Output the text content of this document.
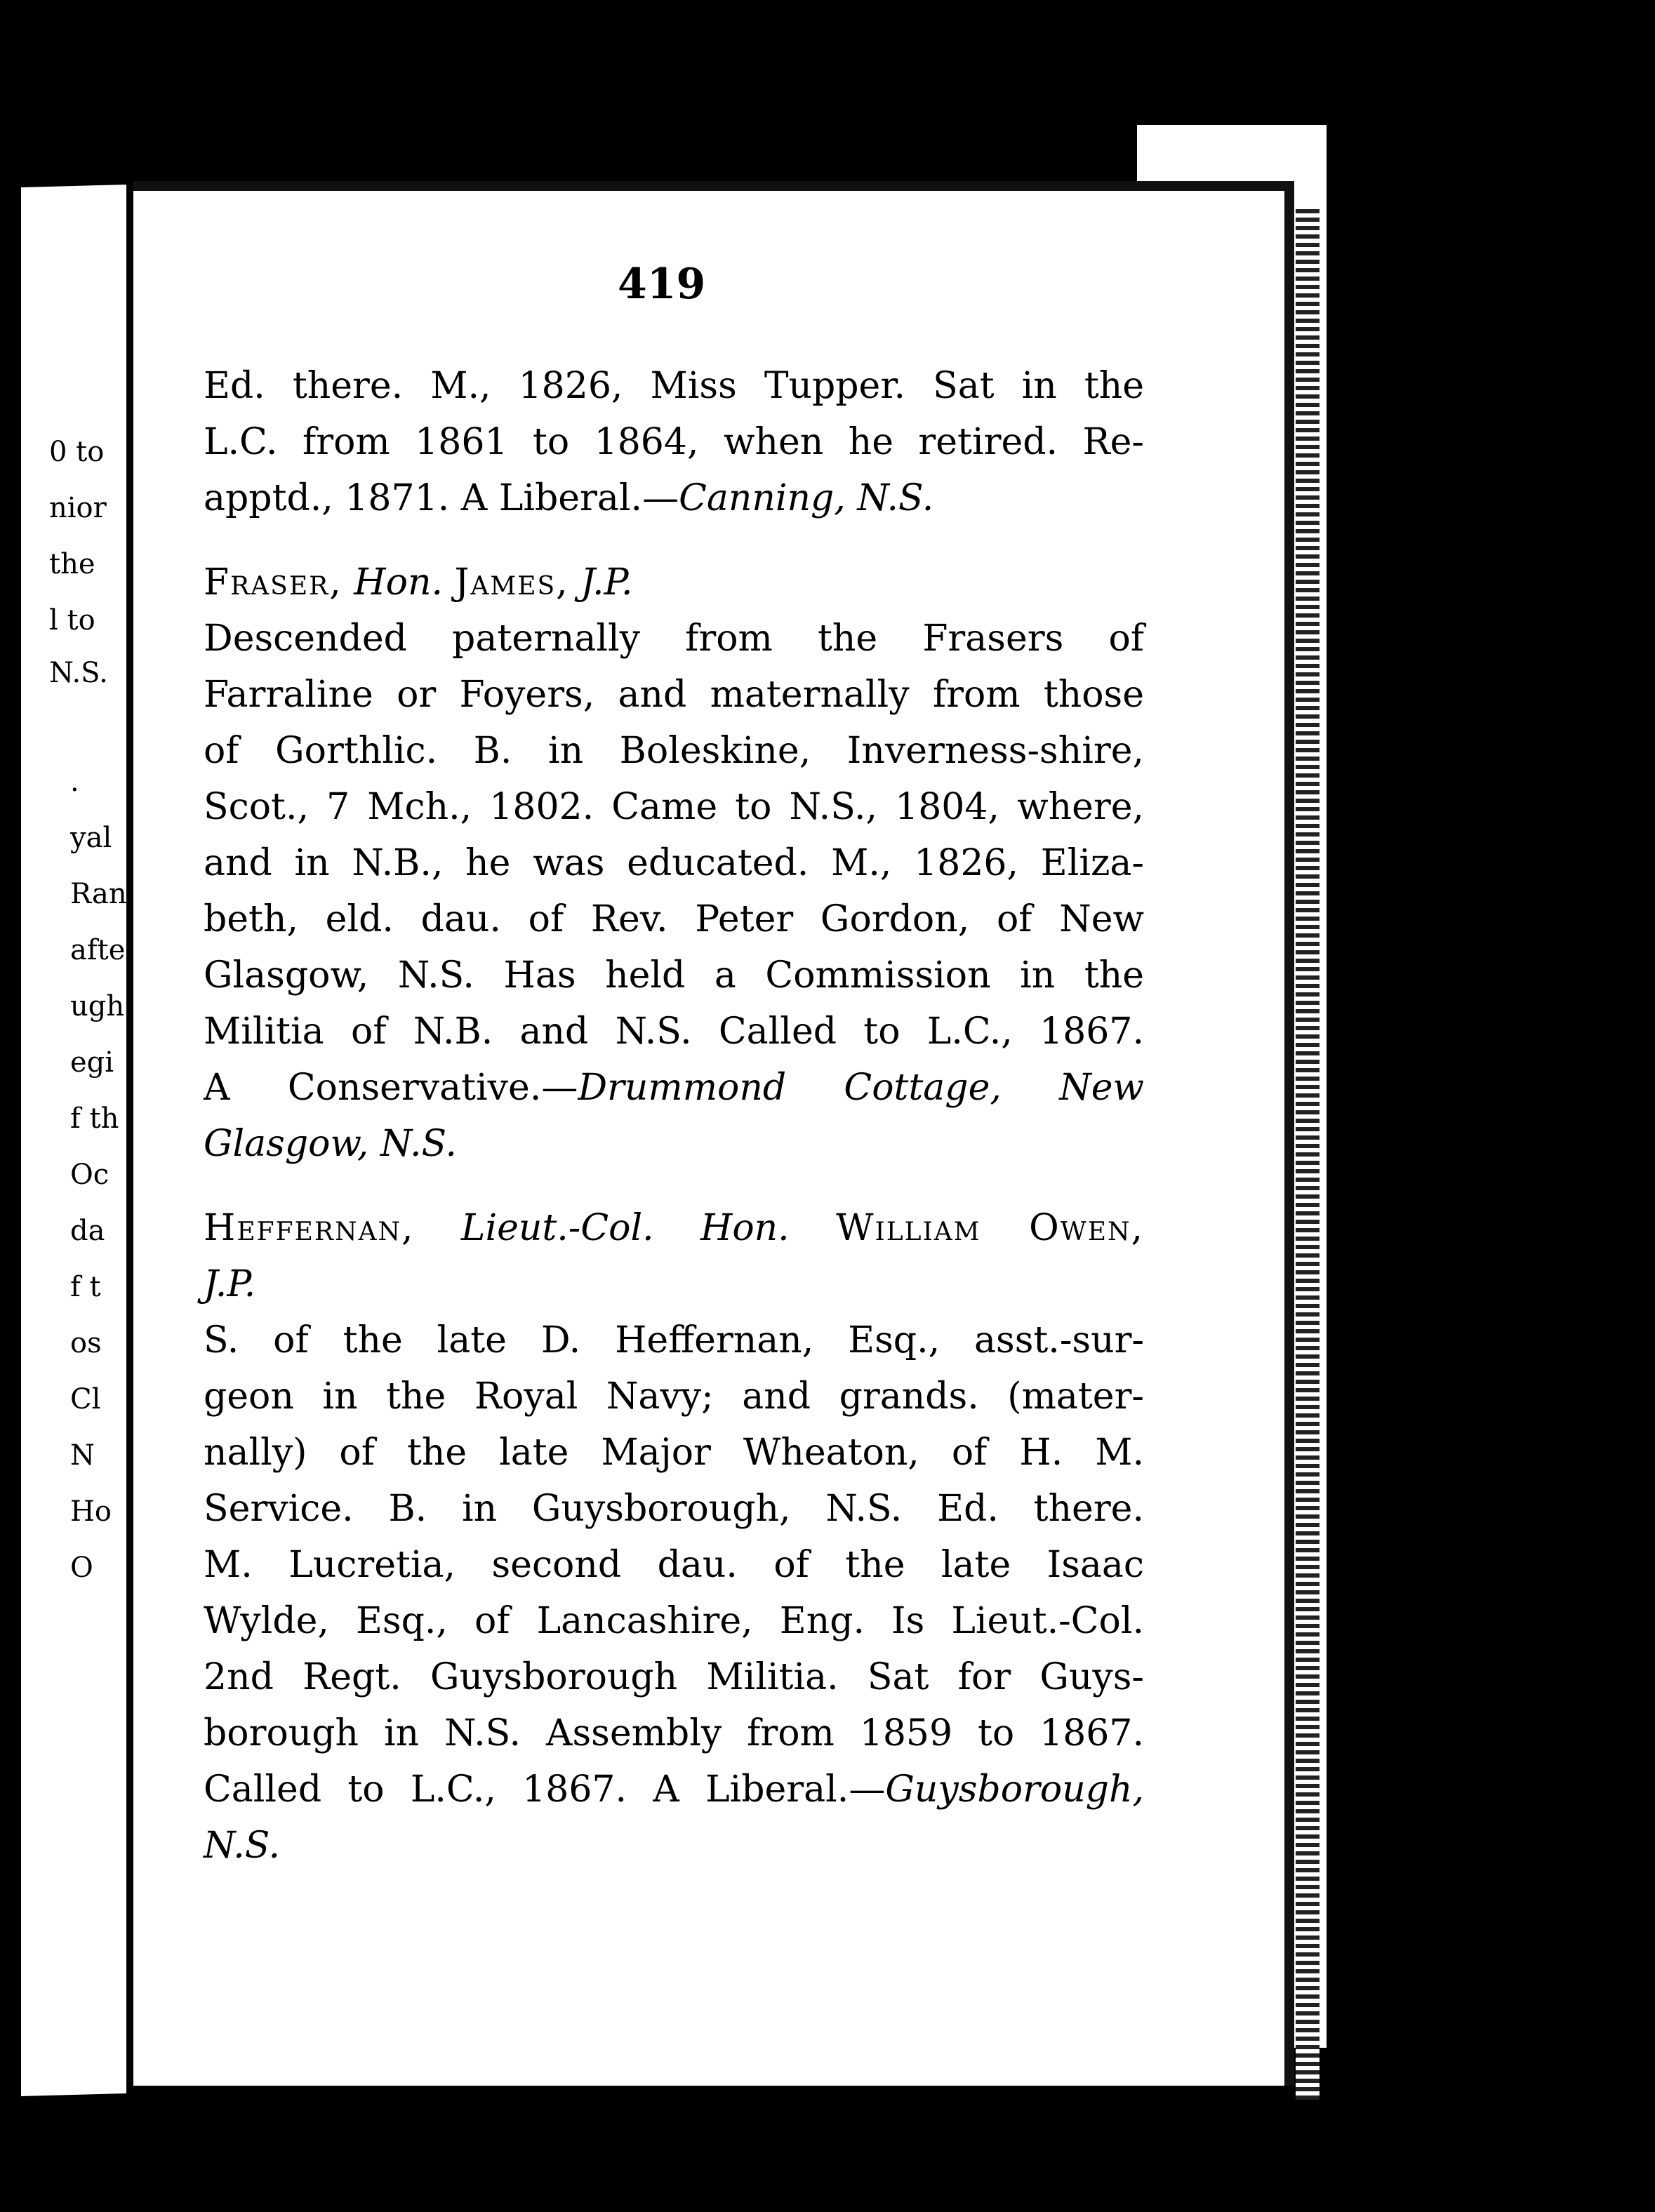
0 to
nior
the
l to
N.S.
.
yal
Ran
afte
ugh
egi
f th
Oc
da
f t
os
Cl
N
Ho
O
419
Ed. there. M., 1826, Miss Tupper. Sat in the
L.C. from 1861 to 1864, when he retired. Re-
apptd., 1871. A Liberal.—Canning, N.S.
Fraser, Hon. James, J.P.
Descended paternally from the Frasers of
Farraline or Foyers, and maternally from those
of Gorthlic. B. in Boleskine, Inverness-shire,
Scot., 7 Mch., 1802. Came to N.S., 1804, where,
and in N.B., he was educated. M., 1826, Eliza-
beth, eld. dau. of Rev. Peter Gordon, of New
Glasgow, N.S. Has held a Commission in the
Militia of N.B. and N.S. Called to L.C., 1867.
A Conservative.—Drummond Cottage, New
Glasgow, N.S.
Heffernan, Lieut.-Col. Hon. William Owen,
J.P.
S. of the late D. Heffernan, Esq., asst.-sur-
geon in the Royal Navy; and grands. (mater-
nally) of the late Major Wheaton, of H. M.
Service. B. in Guysborough, N.S. Ed. there.
M. Lucretia, second dau. of the late Isaac
Wylde, Esq., of Lancashire, Eng. Is Lieut.-Col.
2nd Regt. Guysborough Militia. Sat for Guys-
borough in N.S. Assembly from 1859 to 1867.
Called to L.C., 1867. A Liberal.—Guysborough,
N.S.
